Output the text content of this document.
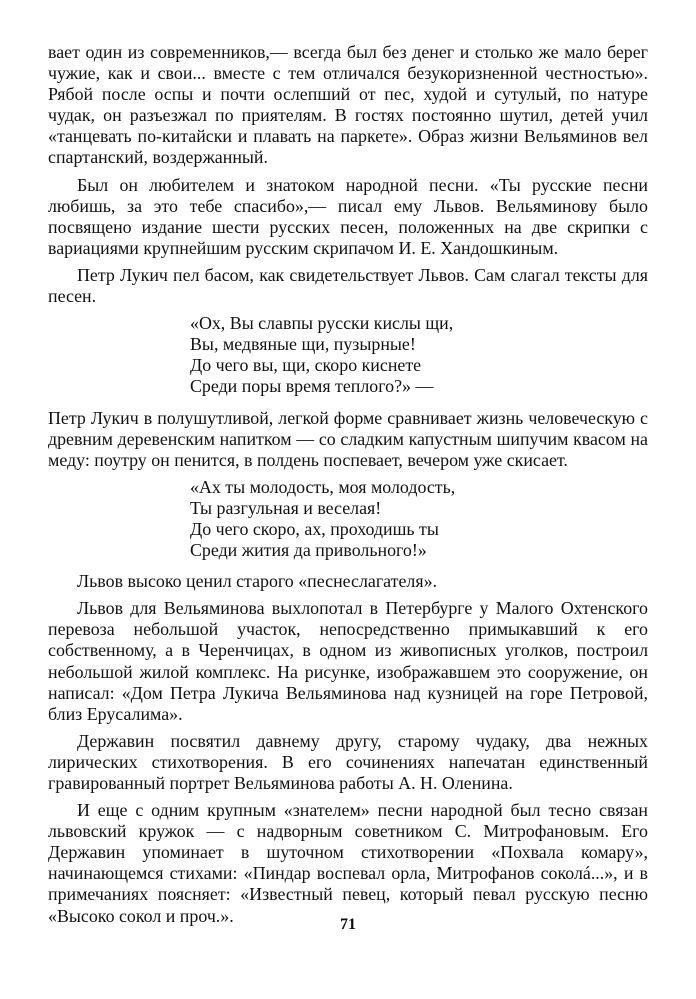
вает один из современников,— всегда был без денег и столько же мало берег чужие, как и свои... вместе с тем отличался безукоризненной честностью». Рябой после оспы и почти ослепший от пес, худой и сутулый, по натуре чудак, он разъезжал по приятелям. В гостях постоянно шутил, детей учил «танцевать по-китайски и плавать на паркете». Образ жизни Вельяминов вел спартанский, воздержанный.

Был он любителем и знатоком народной песни. «Ты русские песни любишь, за это тебе спасибо»,— писал ему Львов. Вельяминову было посвящено издание шести русских песен, положенных на две скрипки с вариациями крупнейшим русским скрипачом И. Е. Хандошкиным.

Петр Лукич пел басом, как свидетельствует Львов. Сам слагал тексты для песен.

«Ох, Вы славпы русски кислы щи,
Вы, медвяные щи, пузырные!
До чего вы, щи, скоро киснете
Среди поры время теплого?» —

Петр Лукич в полушутливой, легкой форме сравнивает жизнь человеческую с древним деревенским напитком — со сладким капустным шипучим квасом на меду: поутру он пенится, в полдень поспевает, вечером уже скисает.

«Ах ты молодость, моя молодость,
Ты разгульная и веселая!
До чего скоро, ах, проходишь ты
Среди жития да привольного!»

Львов высоко ценил старого «песнеслагателя».

Львов для Вельяминова выхлопотал в Петербурге у Малого Охтенского перевоза небольшой участок, непосредственно примыкавший к его собственному, а в Черенчицах, в одном из живописных уголков, построил небольшой жилой комплекс. На рисунке, изображавшем это сооружение, он написал: «Дом Петра Лукича Вельяминова над кузницей на горе Петровой, близ Ерусалима».

Державин посвятил давнему другу, старому чудаку, два нежных лирических стихотворения. В его сочинениях напечатан единственный гравированный портрет Вельяминова работы А. Н. Оленина.

И еще с одним крупным «знателем» песни народной был тесно связан львовский кружок — с надворным советником С. Митрофановым. Его Державин упоминает в шуточном стихотворении «Похвала комару», начинающемся стихами: «Пиндар воспевал орла, Митрофанов соколá...», и в примечаниях поясняет: «Известный певец, который певал русскую песню «Высоко сокол и проч.».	71
